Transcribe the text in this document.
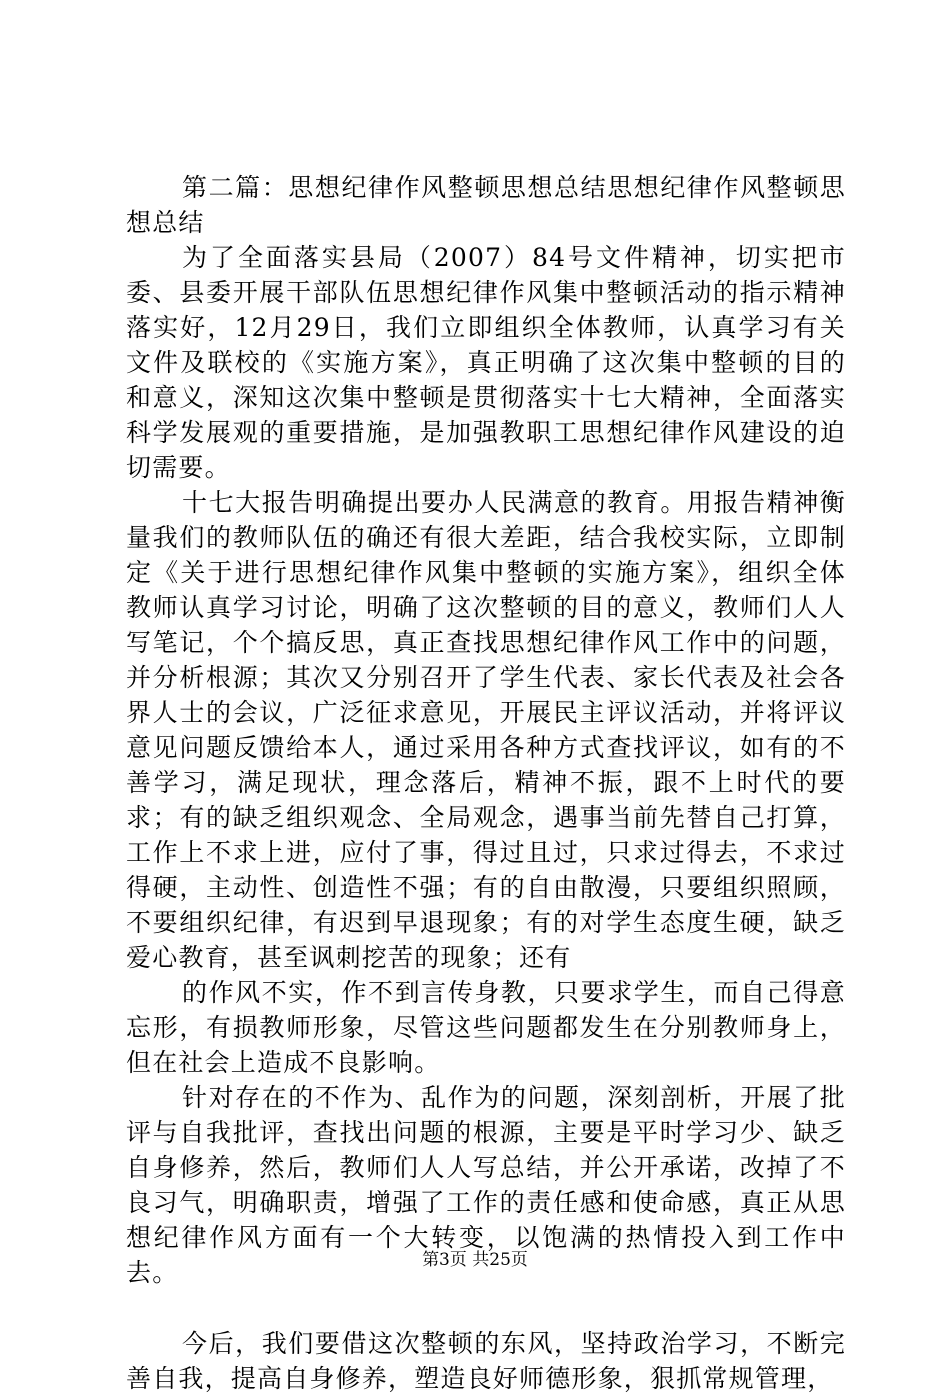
第二篇：思想纪律作风整顿思想总结思想纪律作风整顿思想总结

为了全面落实县局（2007）84号文件精神，切实把市委、县委开展干部队伍思想纪律作风集中整顿活动的指示精神落实好，12月29日，我们立即组织全体教师，认真学习有关文件及联校的《实施方案》，真正明确了这次集中整顿的目的和意义，深知这次集中整顿是贯彻落实十七大精神，全面落实科学发展观的重要措施，是加强教职工思想纪律作风建设的迫切需要。

十七大报告明确提出要办人民满意的教育。用报告精神衡量我们的教师队伍的确还有很大差距，结合我校实际，立即制定《关于进行思想纪律作风集中整顿的实施方案》，组织全体教师认真学习讨论，明确了这次整顿的目的意义，教师们人人写笔记，个个搞反思，真正查找思想纪律作风工作中的问题，并分析根源；其次又分别召开了学生代表、家长代表及社会各界人士的会议，广泛征求意见，开展民主评议活动，并将评议意见问题反馈给本人，通过采用各种方式查找评议，如有的不善学习，满足现状，理念落后，精神不振，跟不上时代的要求；有的缺乏组织观念、全局观念，遇事当前先替自己打算，工作上不求上进，应付了事，得过且过，只求过得去，不求过得硬，主动性、创造性不强；有的自由散漫，只要组织照顾，不要组织纪律，有迟到早退现象；有的对学生态度生硬，缺乏爱心教育，甚至讽刺挖苦的现象；还有

的作风不实，作不到言传身教，只要求学生，而自己得意忘形，有损教师形象，尽管这些问题都发生在分别教师身上，但在社会上造成不良影响。

针对存在的不作为、乱作为的问题，深刻剖析，开展了批评与自我批评，查找出问题的根源，主要是平时学习少、缺乏自身修养，然后，教师们人人写总结，并公开承诺，改掉了不良习气，明确职责，增强了工作的责任感和使命感，真正从思想纪律作风方面有一个大转变，以饱满的热情投入到工作中去。

今后，我们要借这次整顿的东风，坚持政治学习，不断完善自我，提高自身修养，塑造良好师德形象，狠抓常规管理，

第3页 共25页
